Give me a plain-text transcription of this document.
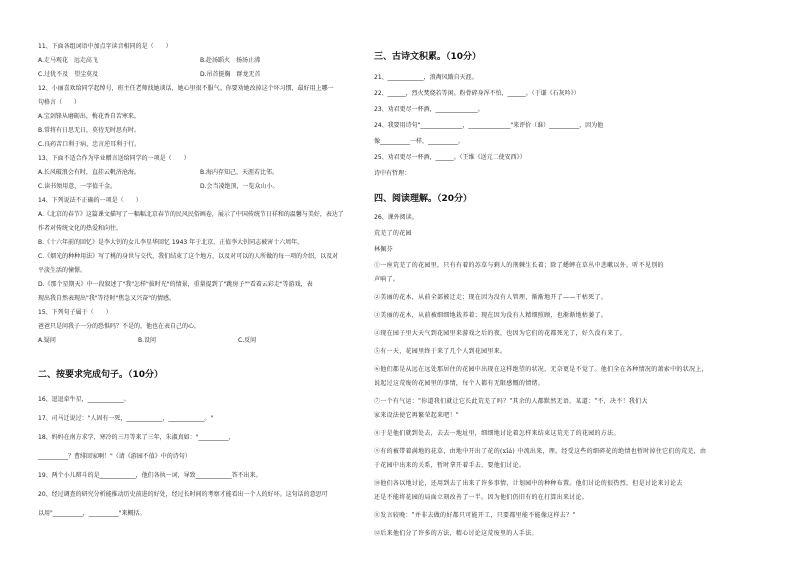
11、下面各组词语中加点字读音相同的是（　　）
A.走马观花　远走高飞	B.赴汤蹈火　扬汤止沸
C.过犹不及　望尘莫及	D.吊首挺胸　群龙无首
12、小丽喜欢给同学起绰号，班主任老师找她谈话，她心里很不服气。你要劝她改掉这个坏习惯，最好用上哪一
句格言（　　）
A.宝剑锋从磨砺出，梅花香自苦寒来。
B.常将有日思无日，莫待无时思有时。
C.良药苦口利于病，忠言逆耳利于行。
13、下面不适合作为毕业赠言送给同学的一项是（　　）
A.长风破浪会有时，直挂云帆济沧海。	B.海内存知己，天涯若比邻。
C.读书须用意，一字值千金。	D.会当凌绝顶，一览众山小。
14、下列说法不正确的一项是（　　）
A.《北京的春节》这篇课文描写了一幅幅北京春节的民风民俗画卷，展示了中国传统节日祥和的温馨与美好，表达了
作者对传统文化的热爱和向往。
B.《十六年前的回忆》是李大钊的女儿李星华回忆 1943 年于北京，正值李大钊同志被害十六周年。
C.《烟光的种种用法》写了桃的身世与交代，我们结束了这个地方，以及对可以的人所做的每一项的介绍，以及对
平淡生活的憧憬。
D.《那个星期天》中一段叙述了"我"怎样"拔时光"的情景，重量提到了"跳房子""看着云彩走"等游戏，表
现出我自然表现出"我"等待时"焦急又兴奋"的情感。
15、下列句子属于（　　）
爸爸只是问我子一分的恐惧吗？不是的，他也在表自己的心。
A.疑问	B.设问	C.反问
二、按要求完成句子。（10分）
16、逗逗牵牛星，____________。
17、司马迁说过："人固有一死，____________，____________。"
18、妈妈在南方求学，寒冷的三月等来了三年，朱淑真如："__________，
__________？曹绯回家啊！"（请《游园不值》中的诗句）
19、两个小儿辩斗的是____________，他们各执一词，导致____________答不出来。
20、经过调查的研究分析能推动历史前进的好处，经过长时间的考察才能看出一个人的好坏。这句话的意思可
以用"__________，__________"来概括。
三、古诗文积累。（10分）
21、____________，浪淘风簸自天涯。
22、______，烈火焚烧若等闲。粉骨碎身浑不怕，______。（于谦《石灰吟》）
23、劝君更尽一杯酒，______________。
24、我要用诗句"______________，______________"来评价（谁）__________，因为他
像__________一样，__________。
25、劝君更尽一杯酒，______。（王维《送元二使安西》）
诗中有哲理：
四、阅读理解。（20分）
26、课外阅读。
荒芜了的花园
林佩芬
①一座荒芜了的花园里，只有有着的苏草与剩人的荆棘生长着；除了蟋蟀在草丛中悲嗽以外，听不见别的
声响了。
②美丽的花木，从前全部被迁走；现在因为没有人管理，渐渐地开了——干枯死了。
③美丽的花木，从前被细细地栽养着；现在因为没有人精细照顾，也渐渐地枯萎了。
④现在园子里大天气到花园里来游戏之后的夜，也因为它们的花都死光了，好久没有来了。
⑤有一天，花园里终于来了几个人到花园里来。
⑥他们都是从远在远处那居住的花园中出现在这样绝望的状况，无奈更是不觉了。他们全在各种情况的萧索中的状况上，
说起过这荒废的花园里的事情，每个人都有无限感慨的情绪。
⑦一个有气运："你道我们就让它长此荒芜了吗？"其余的人都默然无语。某道："不，决不！我们大
家来设法使它再繁荣起来吧！"
⑧于是他们就到处去，去去一地址里，细细地讨论着怎样来结束这荒芜了的花园的方法。
⑨有的被带着满地的花草，由地中开出了花的(xǐá) 中流出来，理。经受这些的细碎花的绝情也暂时掉住它们的荒芜，由
于花园中出来的关系，暂时拿开着手去，要他们讨论。
⑩他们各以地讨论，还用到去了出来了许多事情，计划园中的种种布置。他们讨论的很热烈，但是讨论来讨论去
还是不能将花园的局面立刻改善了一半。因为他们仍旧有的在打算出来讨论。
⑪发言较晚："并非去做的好都只可能开工，只要都里能不能像这样去？"
⑫后来他们分了许多的方法，精心讨论这荒废里的人手法。
